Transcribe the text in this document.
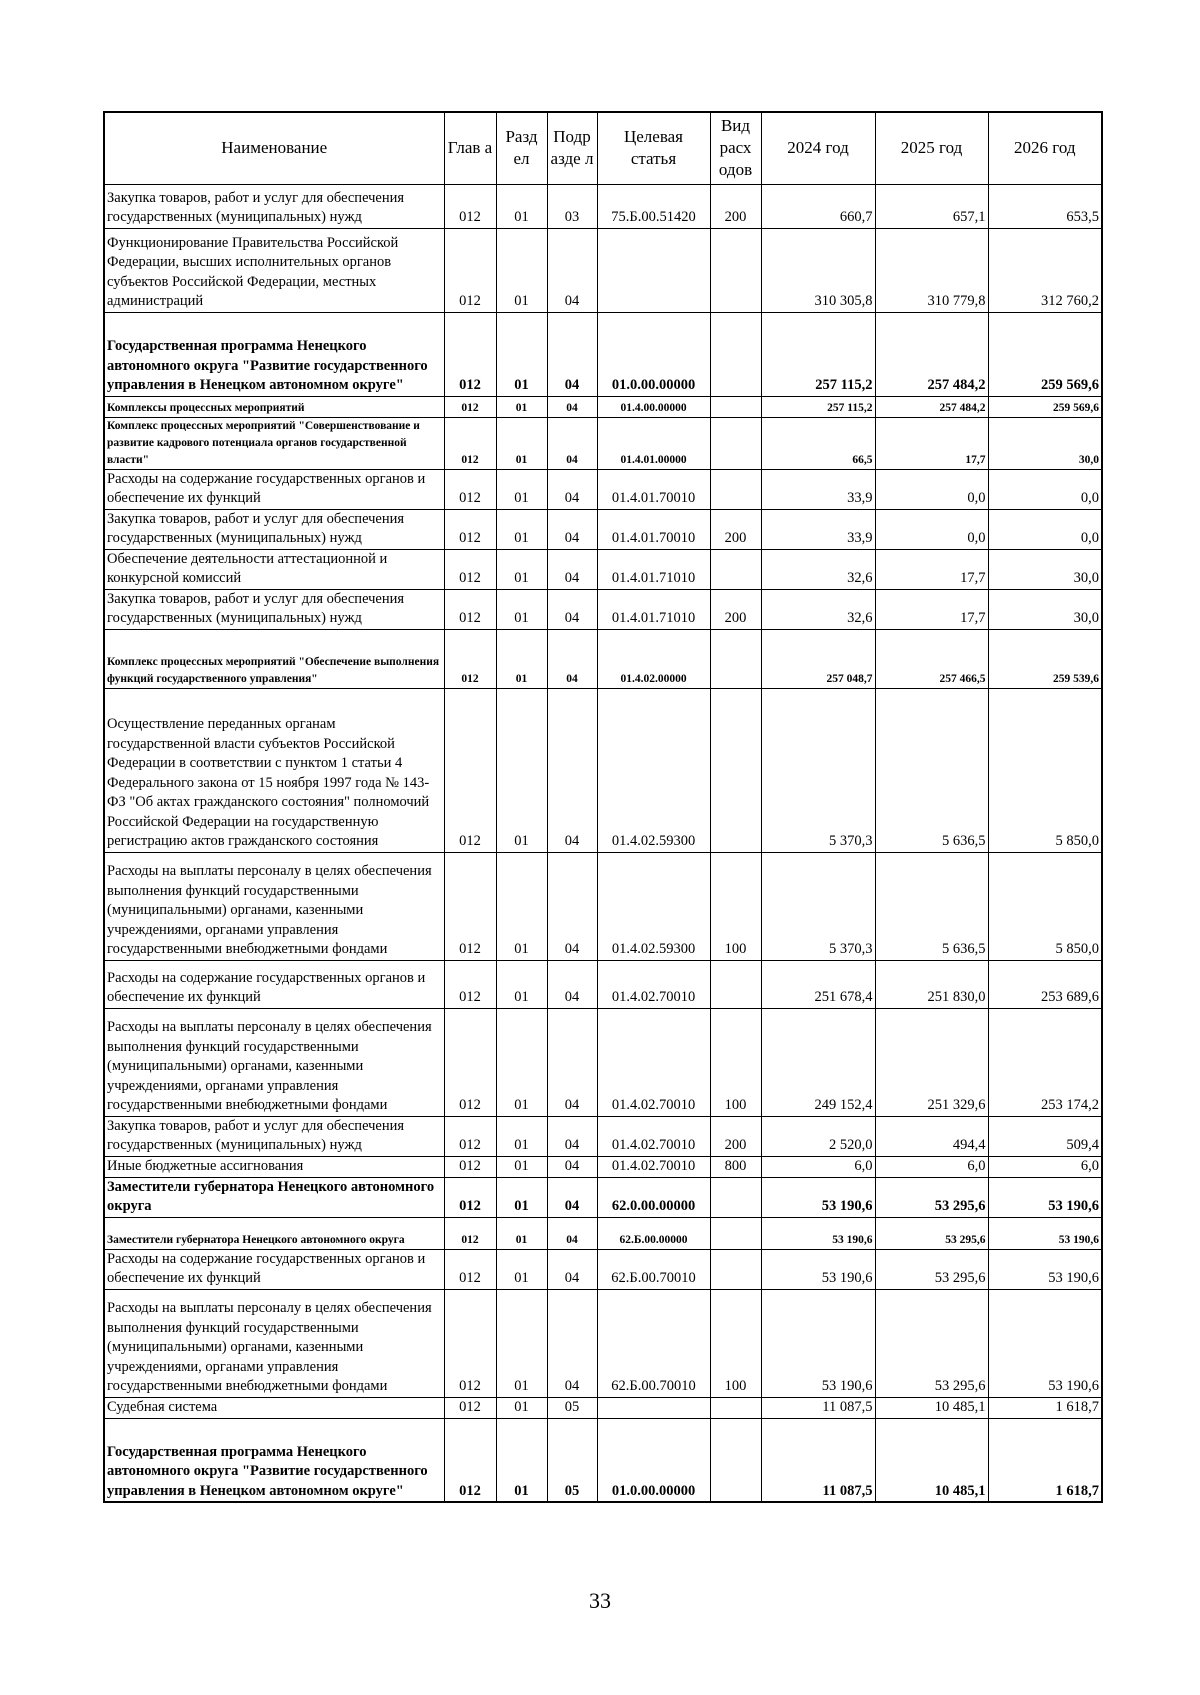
Наименование	Глав а	Разд ел	Подр азде л	Целевая статья	Вид расх одов	2024 год	2025 год	2026 год
Закупка товаров, работ и услуг для обеспечения государственных (муниципальных) нужд	012	01	03	75.Б.00.51420	200	660,7	657,1	653,5
Функционирование Правительства Российской Федерации, высших исполнительных органов субъектов Российской Федерации, местных администраций	012	01	04			310 305,8	310 779,8	312 760,2
Государственная программа Ненецкого автономного округа "Развитие государственного управления в Ненецком автономном округе"	012	01	04	01.0.00.00000		257 115,2	257 484,2	259 569,6
Комплексы процессных мероприятий	012	01	04	01.4.00.00000		257 115,2	257 484,2	259 569,6
Комплекс процессных мероприятий "Совершенствование и развитие кадрового потенциала органов государственной власти"	012	01	04	01.4.01.00000		66,5	17,7	30,0
Расходы на содержание государственных органов и обеспечение их функций	012	01	04	01.4.01.70010		33,9	0,0	0,0
Закупка товаров, работ и услуг для обеспечения государственных (муниципальных) нужд	012	01	04	01.4.01.70010	200	33,9	0,0	0,0
Обеспечение деятельности аттестационной и конкурсной комиссий	012	01	04	01.4.01.71010		32,6	17,7	30,0
Закупка товаров, работ и услуг для обеспечения государственных (муниципальных) нужд	012	01	04	01.4.01.71010	200	32,6	17,7	30,0
Комплекс процессных мероприятий "Обеспечение выполнения функций государственного управления"	012	01	04	01.4.02.00000		257 048,7	257 466,5	259 539,6
Осуществление переданных органам государственной власти субъектов Российской Федерации в соответствии с пунктом 1 статьи 4 Федерального закона от 15 ноября 1997 года № 143-ФЗ "Об актах гражданского состояния" полномочий Российской Федерации на государственную регистрацию актов гражданского состояния	012	01	04	01.4.02.59300		5 370,3	5 636,5	5 850,0
Расходы на выплаты персоналу в целях обеспечения выполнения функций государственными (муниципальными) органами, казенными учреждениями, органами управления государственными внебюджетными фондами	012	01	04	01.4.02.59300	100	5 370,3	5 636,5	5 850,0
Расходы на содержание государственных органов и обеспечение их функций	012	01	04	01.4.02.70010		251 678,4	251 830,0	253 689,6
Расходы на выплаты персоналу в целях обеспечения выполнения функций государственными (муниципальными) органами, казенными учреждениями, органами управления государственными внебюджетными фондами	012	01	04	01.4.02.70010	100	249 152,4	251 329,6	253 174,2
Закупка товаров, работ и услуг для обеспечения государственных (муниципальных) нужд	012	01	04	01.4.02.70010	200	2 520,0	494,4	509,4
Иные бюджетные ассигнования	012	01	04	01.4.02.70010	800	6,0	6,0	6,0
Заместители губернатора Ненецкого автономного округа	012	01	04	62.0.00.00000		53 190,6	53 295,6	53 190,6
Заместители губернатора Ненецкого автономного округа	012	01	04	62.Б.00.00000		53 190,6	53 295,6	53 190,6
Расходы на содержание государственных органов и обеспечение их функций	012	01	04	62.Б.00.70010		53 190,6	53 295,6	53 190,6
Расходы на выплаты персоналу в целях обеспечения выполнения функций государственными (муниципальными) органами, казенными учреждениями, органами управления государственными внебюджетными фондами	012	01	04	62.Б.00.70010	100	53 190,6	53 295,6	53 190,6
Судебная система	012	01	05			11 087,5	10 485,1	1 618,7
Государственная программа Ненецкого автономного округа "Развитие государственного управления в Ненецком автономном округе"	012	01	05	01.0.00.00000		11 087,5	10 485,1	1 618,7
33
